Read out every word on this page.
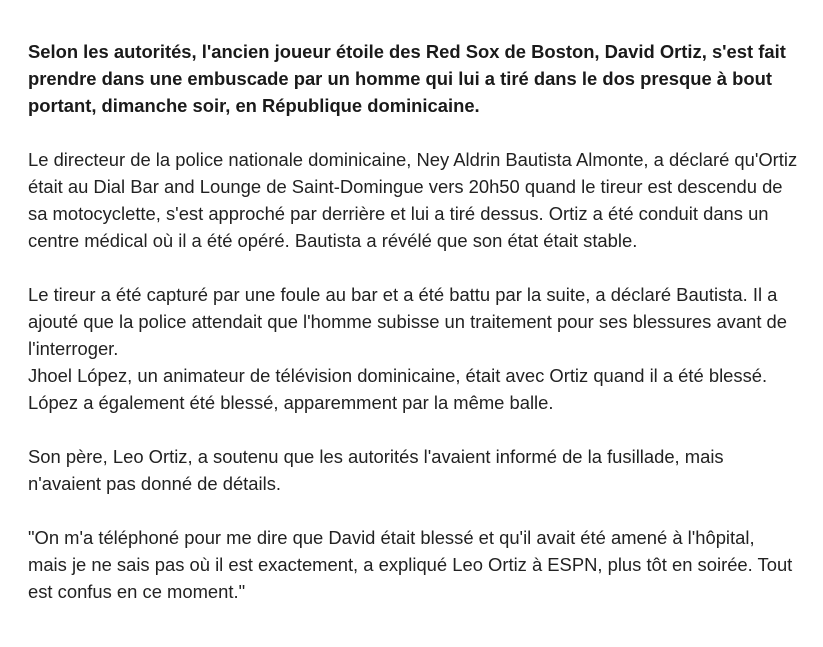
Selon les autorités, l'ancien joueur étoile des Red Sox de Boston, David Ortiz, s'est fait prendre dans une embuscade par un homme qui lui a tiré dans le dos presque à bout portant, dimanche soir, en République dominicaine.

Le directeur de la police nationale dominicaine, Ney Aldrin Bautista Almonte, a déclaré qu'Ortiz était au Dial Bar and Lounge de Saint-Domingue vers 20h50 quand le tireur est descendu de sa motocyclette, s'est approché par derrière et lui a tiré dessus. Ortiz a été conduit dans un centre médical où il a été opéré. Bautista a révélé que son état était stable.

Le tireur a été capturé par une foule au bar et a été battu par la suite, a déclaré Bautista. Il a ajouté que la police attendait que l'homme subisse un traitement pour ses blessures avant de l'interroger.

Jhoel López, un animateur de télévision dominicaine, était avec Ortiz quand il a été blessé. López a également été blessé, apparemment par la même balle.

Son père, Leo Ortiz, a soutenu que les autorités l'avaient informé de la fusillade, mais n'avaient pas donné de détails.

"On m'a téléphoné pour me dire que David était blessé et qu'il avait été amené à l'hôpital, mais je ne sais pas où il est exactement, a expliqué Leo Ortiz à ESPN, plus tôt en soirée. Tout est confus en ce moment."
